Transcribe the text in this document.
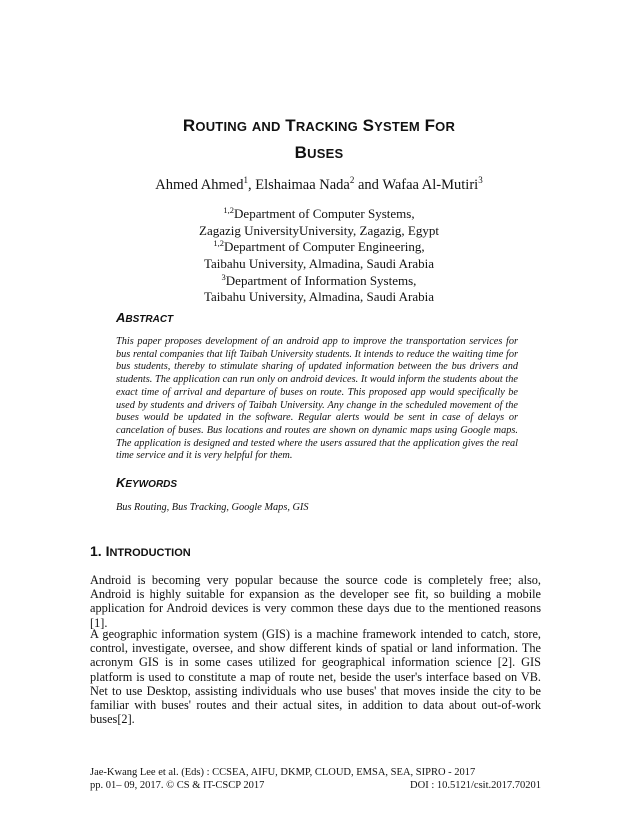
ROUTING AND TRACKING SYSTEM FOR
BUSES
Ahmed Ahmed$^1$, Elshaimaa Nada$^2$ and Wafaa Al-Mutiri$^3$
$^{1,2}$Department of Computer Systems,
Zagazig UniversityUniversity, Zagazig, Egypt
$^{1,2}$Department of Computer Engineering,
Taibahu University, Almadina, Saudi Arabia
$^3$Department of Information Systems,
Taibahu University, Almadina, Saudi Arabia
ABSTRACT
This paper proposes development of an android app to improve the transportation services for bus rental companies that lift Taibah University students. It intends to reduce the waiting time for bus students, thereby to stimulate sharing of updated information between the bus drivers and students. The application can run only on android devices. It would inform the students about the exact time of arrival and departure of buses on route. This proposed app would specifically be used by students and drivers of Taibah University. Any change in the scheduled movement of the buses would be updated in the software. Regular alerts would be sent in case of delays or cancelation of buses. Bus locations and routes are shown on dynamic maps using Google maps. The application is designed and tested where the users assured that the application gives the real time service and it is very helpful for them.
KEYWORDS
Bus Routing, Bus Tracking, Google Maps, GIS
1. INTRODUCTION
Android is becoming very popular because the source code is completely free; also, Android is highly suitable for expansion as the developer see fit, so building a mobile application for Android devices is very common these days due to the mentioned reasons [1].
A geographic information system (GIS) is a machine framework intended to catch, store, control, investigate, oversee, and show different kinds of spatial or land information. The acronym GIS is in some cases utilized for geographical information science [2]. GIS platform is used to constitute a map of route net, beside the user's interface based on VB. Net to use Desktop, assisting individuals who use buses' that moves inside the city to be familiar with buses' routes and their actual sites, in addition to data about out-of-work buses[2].
Jae-Kwang Lee et al. (Eds) : CCSEA, AIFU, DKMP, CLOUD, EMSA, SEA, SIPRO - 2017
pp. 01– 09, 2017. © CS & IT-CSCP 2017	DOI : 10.5121/csit.2017.70201
